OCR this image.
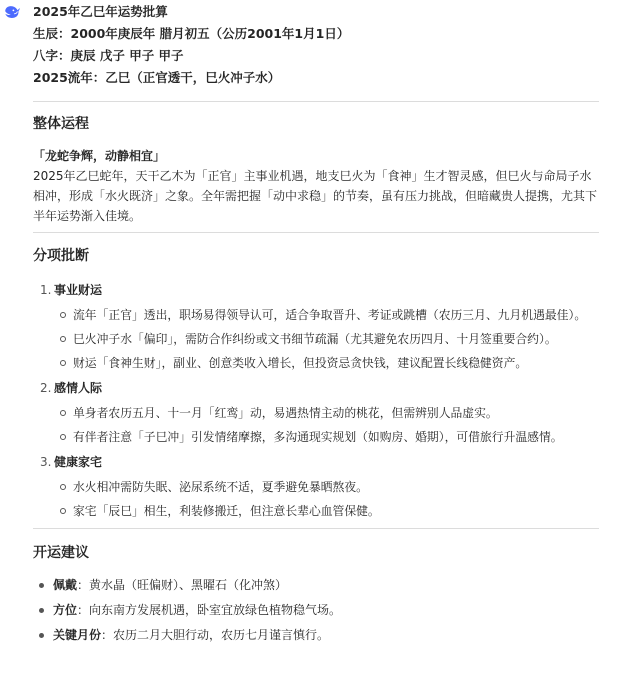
2025年乙巳年运势批算
生辰：2000年庚辰年 腊月初五（公历2001年1月1日）
八字：庚辰 戊子 甲子 甲子
2025流年：乙巳（正官透干，巳火冲子水）
整体运程
「龙蛇争辉，动静相宜」
2025年乙巳蛇年，天干乙木为「正官」主事业机遇，地支巳火为「食神」生才智灵感，但巳火与命局子水相冲，形成「水火既济」之象。全年需把握「动中求稳」的节奏，虽有压力挑战，但暗藏贵人提携，尤其下半年运势渐入佳境。
分项批断
1. 事业财运
流年「正官」透出，职场易得领导认可，适合争取晋升、考证或跳槽（农历三月、九月机遇最佳）。
巳火冲子水「偏印」，需防合作纠纷或文书细节疏漏（尤其避免农历四月、十月签重要合约）。
财运「食神生财」，副业、创意类收入增长，但投资忌贪快钱，建议配置长线稳健资产。
2. 感情人际
单身者农历五月、十一月「红鸾」动，易遇热情主动的桃花，但需辨别人品虚实。
有伴者注意「子巳冲」引发情绪摩擦，多沟通现实规划（如购房、婚期），可借旅行升温感情。
3. 健康家宅
水火相冲需防失眠、泌尿系统不适，夏季避免暴晒熬夜。
家宅「辰巳」相生，利装修搬迁，但注意长辈心血管保健。
开运建议
佩戴：黄水晶（旺偏财）、黑曜石（化冲煞）
方位：向东南方发展机遇，卧室宜放绿色植物稳气场。
关键月份：农历二月大胆行动，农历七月谨言慎行。
